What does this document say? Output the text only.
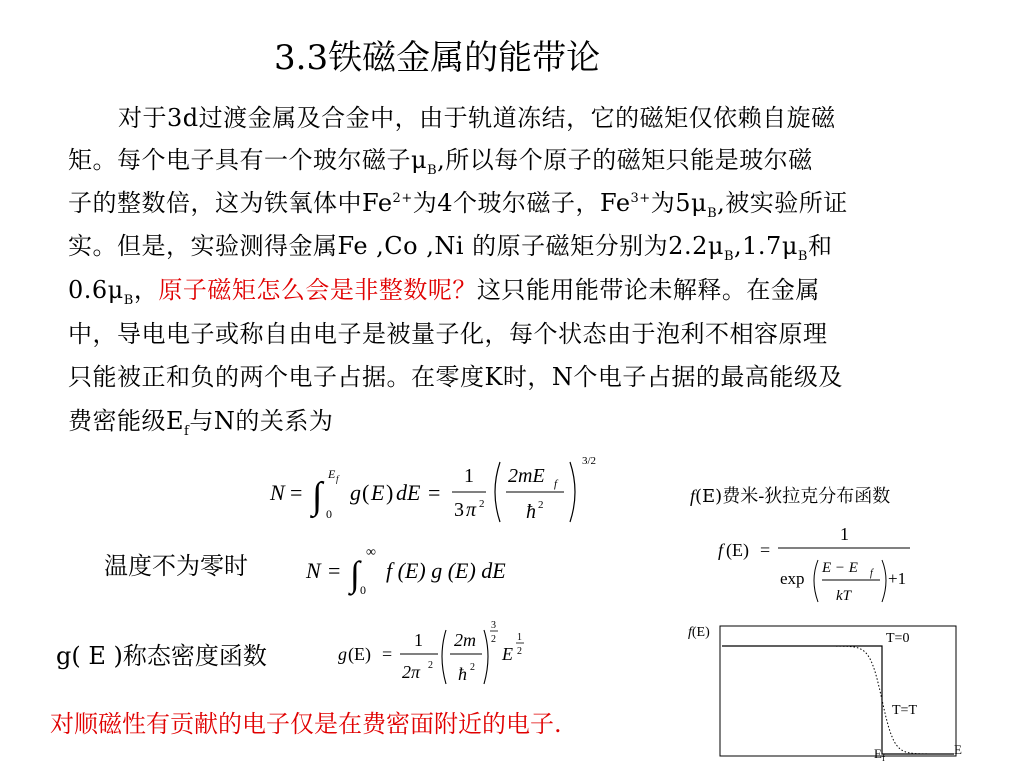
3.3铁磁金属的能带论
对于3d过渡金属及合金中，由于轨道冻结，它的磁矩仅依赖自旋磁
矩。每个电子具有一个玻尔磁子$\mu_B$,所以每个原子的磁矩只能是玻尔磁
子的整数倍，这为铁氧体中$Fe^{2+}$为4个玻尔磁子，$Fe^{3+}$为$5\mu_B$,被实验所证
实。但是，实验测得金属Fe ,Co ,Ni 的原子磁矩分别为$2.2\mu_B,1.7\mu_B$和
$0.6\mu_B$，原子磁矩怎么会是非整数呢？这只能用能带论未解释。在金属
中，导电电子或称自由电子是被量子化，每个状态由于泡利不相容原理
只能被正和负的两个电子占据。在零度K时，N个电子占据的最高能级及
费密能级$E_f$与N的关系为
N = ∫
E f
0
g ( E ) dE =
1
3 π 2
2mE f
ħ 2
3/2
f(E)费米-狄拉克分布函数
f (E) =
1
exp
E − E f
kT
+1
温度不为零时	N = ∫
∞
0
f (E) g (E) dE
g( E )称态密度函数	g (E) =
1
2π 2
2m
ħ 2
3
2
E
1
2
对顺磁性有贡献的电子仅是在费密面附近的电子.
f(E)
f(E)
T=0
T=T
$E_f$
E
